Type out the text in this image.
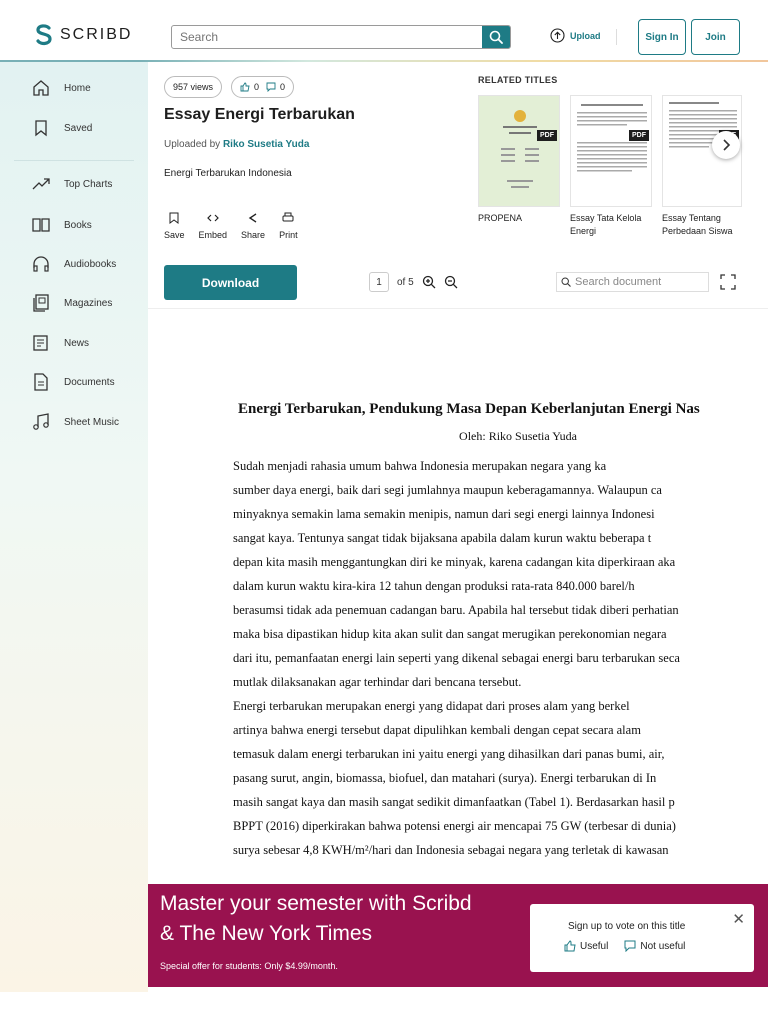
SCRIBD
Search	Upload	Sign In	Join
Home
Saved
Top Charts
Books
Audiobooks
Magazines
News
Documents
Sheet Music
957 views	0 0
Essay Energi Terbarukan
Uploaded by Riko Susetia Yuda
Energi Terbarukan Indonesia
Save Embed Share Print
Download	1	of 5	Search document
RELATED TITLES
PDF	PDF
PROPENA	Essay Tata Kelola Energi
Essay Tentang Perbedaan Siswa
Energi Terbarukan, Pendukung Masa Depan Keberlanjutan Energi Nas
Oleh: Riko Susetia Yuda
Sudah menjadi rahasia umum bahwa Indonesia merupakan negara yang ka
sumber daya energi, baik dari segi jumlahnya maupun keberagamannya. Walaupun ca
minyaknya semakin lama semakin menipis, namun dari segi energi lainnya Indonesi
sangat kaya. Tentunya sangat tidak bijaksana apabila dalam kurun waktu beberapa t
depan kita masih menggantungkan diri ke minyak, karena cadangan kita diperkiraan aka
dalam kurun waktu kira-kira 12 tahun dengan produksi rata-rata 840.000 barel/h
berasumsi tidak ada penemuan cadangan baru. Apabila hal tersebut tidak diberi perhatian
maka bisa dipastikan hidup kita akan sulit dan sangat merugikan perekonomian negara
dari itu, pemanfaatan energi lain seperti yang dikenal sebagai energi baru terbarukan seca
mutlak dilaksanakan agar terhindar dari bencana tersebut.
Energi terbarukan merupakan energi yang didapat dari proses alam yang berkel
artinya bahwa energi tersebut dapat dipulihkan kembali dengan cepat secara alam
temasuk dalam energi terbarukan ini yaitu energi yang dihasilkan dari panas bumi, air,
pasang surut, angin, biomassa, biofuel, dan matahari (surya). Energi terbarukan di In
masih sangat kaya dan masih sangat sedikit dimanfaatkan (Tabel 1). Berdasarkan hasil p
BPPT (2016) diperkirakan bahwa potensi energi air mencapai 75 GW (terbesar di dunia)
surya sebesar 4,8 KWH/m²/hari dan Indonesia sebagai negara yang terletak di kawasan
Master your semester with Scribd
& The New York Times
Special offer for students: Only $4.99/month.
Sign up to vote on this title	✕
Useful	Not useful
